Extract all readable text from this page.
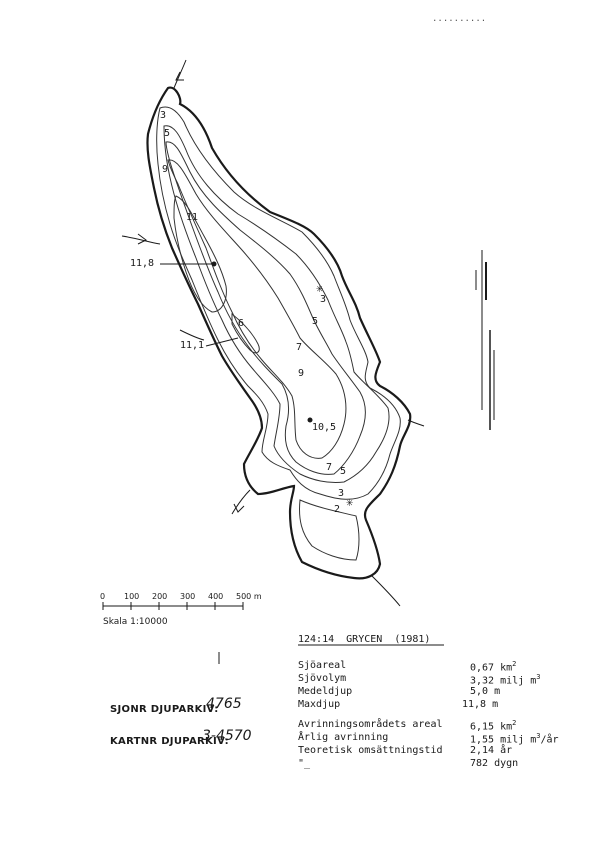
✳
✳
..........
3
5
9
11
11,8
6
11,1
3
5
7
9
10,5
7 5
3
2
0 100 200 300 400 500 m
Skala 1:10000
124:14 GRYCEN (1981)
SJONR DJUPARKIV:
4765
KARTNR DJUPARKIV:
3-4570
Sjöareal	0,67 $km^2$
Sjövolym	3,32 milj $m^3$
Medeldjup	5,0 m
Maxdjup	11,8 m
Avrinningsområdets areal	6,15 $km^2$
Årlig avrinning	1,55 milj $m^3/år$
Teoretisk omsättningstid	2,14 år
"_	782 dygn
